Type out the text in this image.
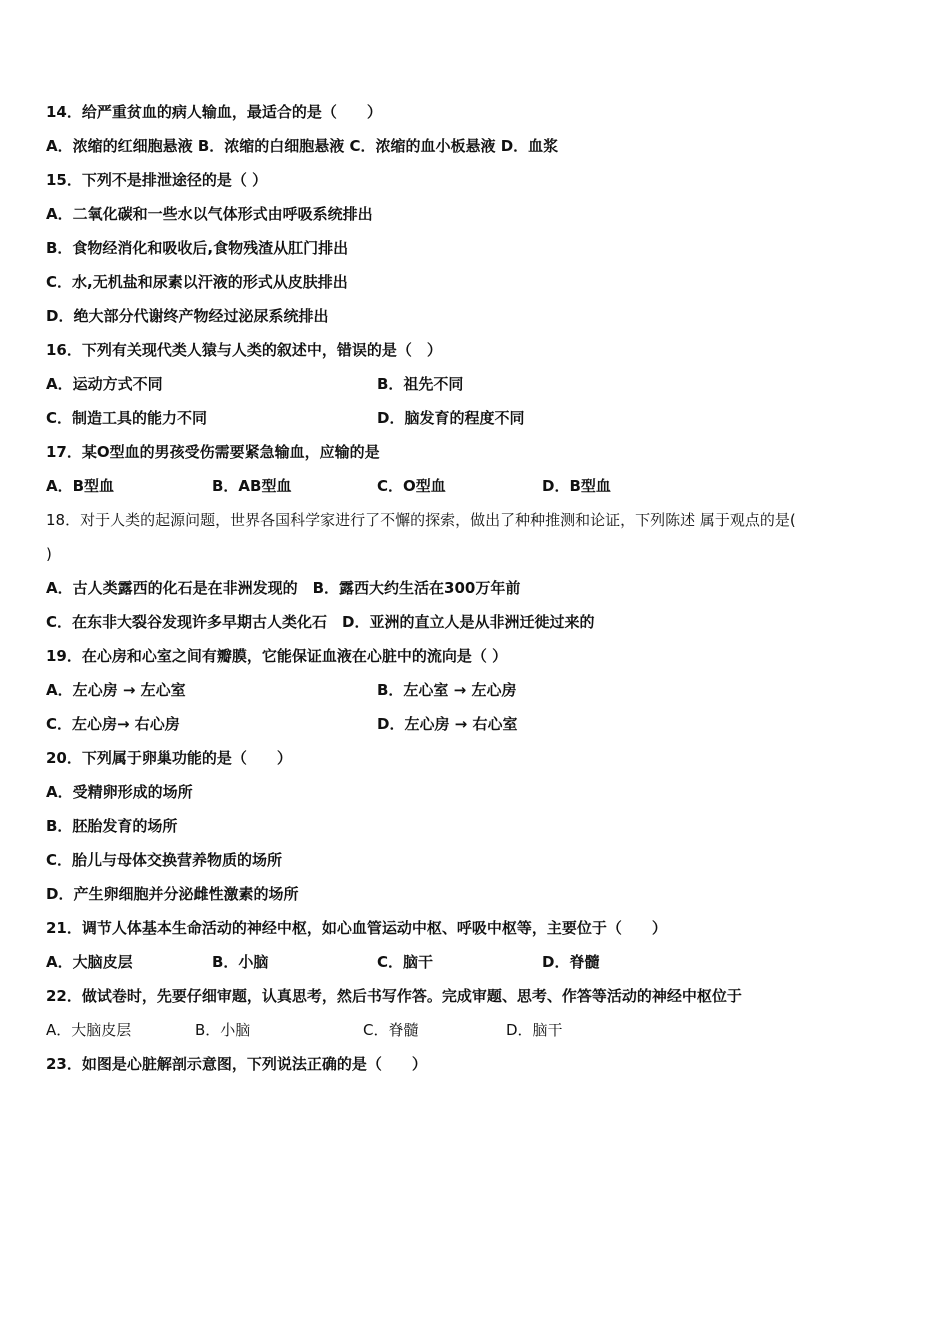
14．给严重贫血的病人输血，最适合的是（　　）
A．浓缩的红细胞悬液 B．浓缩的白细胞悬液 C．浓缩的血小板悬液 D．血浆
15．下列不是排泄途径的是（ ）
A．二氧化碳和一些水以气体形式由呼吸系统排出
B．食物经消化和吸收后,食物残渣从肛门排出
C．水,无机盐和尿素以汗液的形式从皮肤排出
D．绝大部分代谢终产物经过泌尿系统排出
16．下列有关现代类人猿与人类的叙述中，错误的是（　）
A．运动方式不同	B．祖先不同
C．制造工具的能力不同	D．脑发育的程度不同
17．某O型血的男孩受伤需要紧急输血，应输的是
A．B型血	B．AB型血	C．O型血	D．B型血
18．对于人类的起源问题，世界各国科学家进行了不懈的探索，做出了种种推测和论证，下列陈述 属于观点的是(
)
A．古人类露西的化石是在非洲发现的　B．露西大约生活在300万年前
C．在东非大裂谷发现许多早期古人类化石　D．亚洲的直立人是从非洲迁徙过来的
19．在心房和心室之间有瓣膜，它能保证血液在心脏中的流向是（ ）
A．左心房 → 左心室	B．左心室 → 左心房
C．左心房→ 右心房	D．左心房 → 右心室
20．下列属于卵巢功能的是（　　）
A．受精卵形成的场所
B．胚胎发育的场所
C．胎儿与母体交换营养物质的场所
D．产生卵细胞并分泌雌性激素的场所
21．调节人体基本生命活动的神经中枢，如心血管运动中枢、呼吸中枢等，主要位于（　　）
A．大脑皮层	B．小脑	C．脑干	D．脊髓
22．做试卷时，先要仔细审题，认真思考，然后书写作答。完成审题、思考、作答等活动的神经中枢位于
A．大脑皮层	B．小脑	C．脊髓	D．脑干
23．如图是心脏解剖示意图，下列说法正确的是（　　）
